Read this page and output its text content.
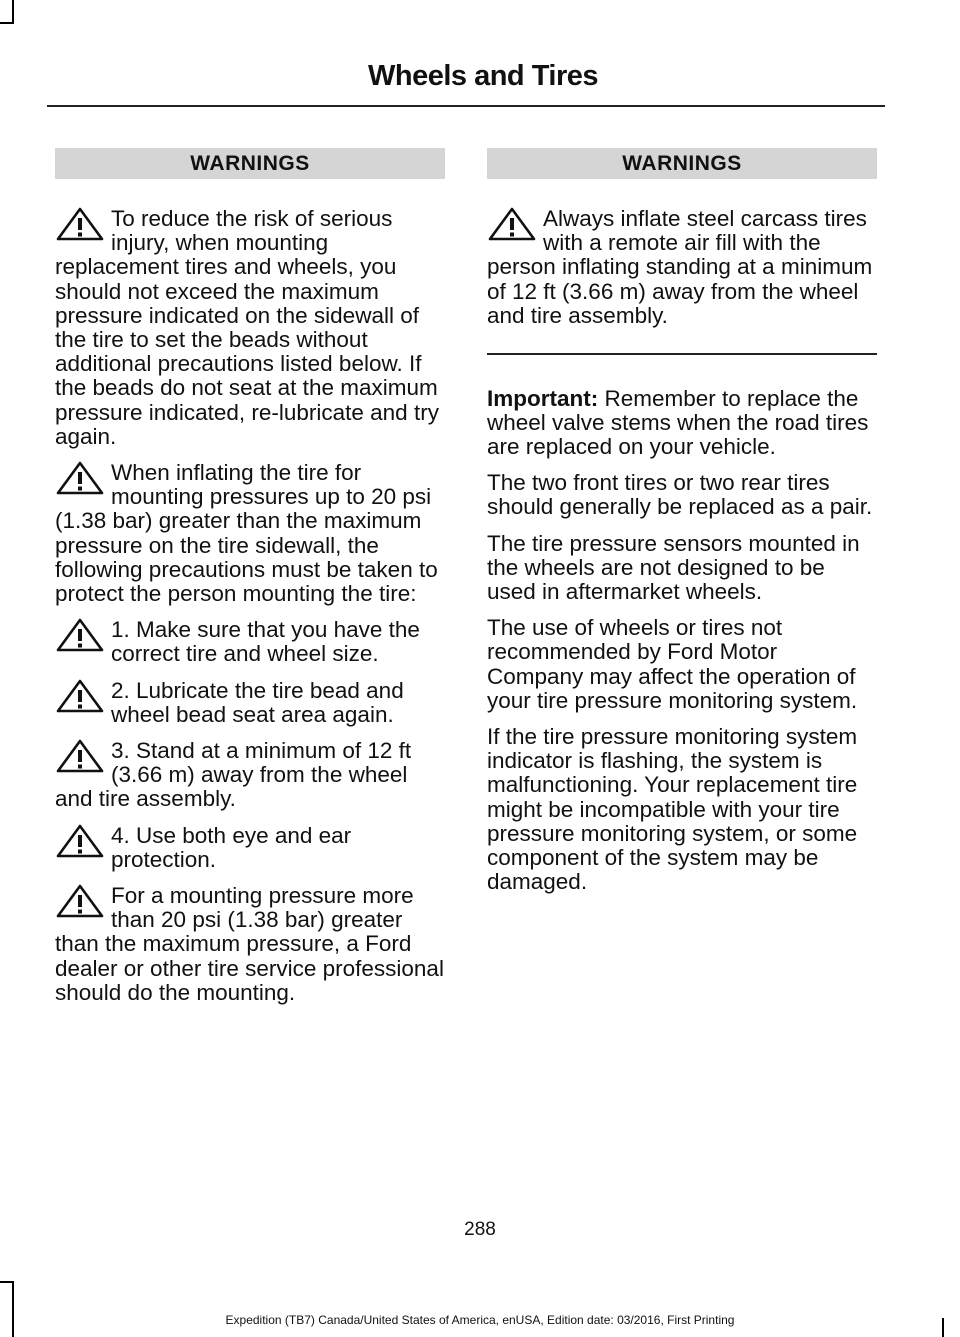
Wheels and Tires
WARNINGS

To reduce the risk of serious injury, when mounting replacement tires and wheels, you should not exceed the maximum pressure indicated on the sidewall of the tire to set the beads without additional precautions listed below. If the beads do not seat at the maximum pressure indicated, re-lubricate and try again.

When inflating the tire for mounting pressures up to 20 psi (1.38 bar) greater than the maximum pressure on the tire sidewall, the following precautions must be taken to protect the person mounting the tire:

1. Make sure that you have the correct tire and wheel size.

2. Lubricate the tire bead and wheel bead seat area again.

3. Stand at a minimum of 12 ft (3.66 m) away from the wheel and tire assembly.

4. Use both eye and ear protection.

For a mounting pressure more than 20 psi (1.38 bar) greater than the maximum pressure, a Ford dealer or other tire service professional should do the mounting.

WARNINGS

Always inflate steel carcass tires with a remote air fill with the person inflating standing at a minimum of 12 ft (3.66 m) away from the wheel and tire assembly.

Important: Remember to replace the wheel valve stems when the road tires are replaced on your vehicle.

The two front tires or two rear tires should generally be replaced as a pair.

The tire pressure sensors mounted in the wheels are not designed to be used in aftermarket wheels.

The use of wheels or tires not recommended by Ford Motor Company may affect the operation of your tire pressure monitoring system.

If the tire pressure monitoring system indicator is flashing, the system is malfunctioning. Your replacement tire might be incompatible with your tire pressure monitoring system, or some component of the system may be damaged.

288
Expedition (TB7) Canada/United States of America, enUSA, Edition date: 03/2016, First Printing
